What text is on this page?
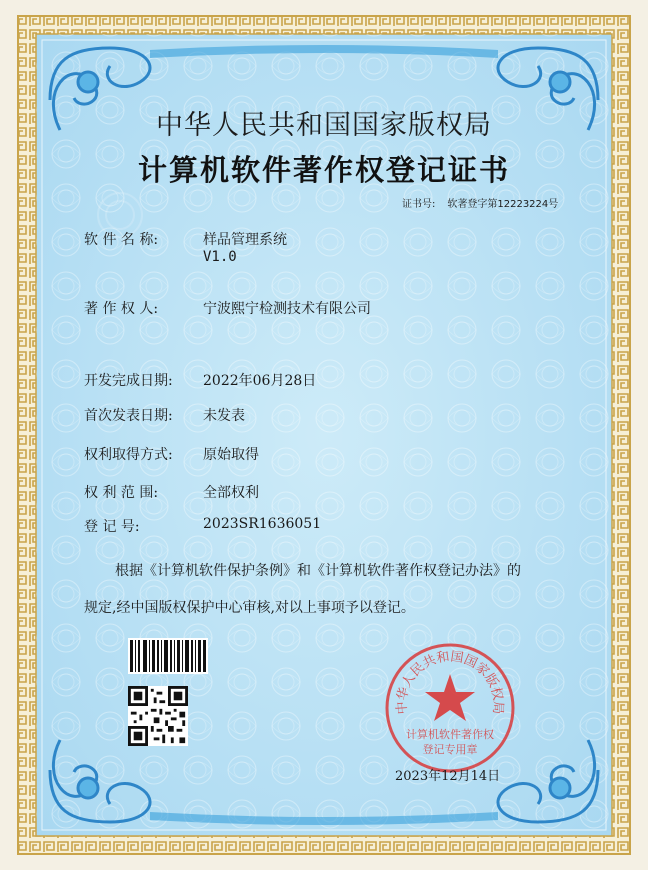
中华人民共和国国家版权局
计算机软件著作权登记证书
证书号: 软著登字第12223224号
软 件 名 称:	样品管理系统
V1.0
著 作 权 人:	宁波熙宁检测技术有限公司
开发完成日期: 2022年06月28日
首次发表日期: 未发表
权利取得方式: 原始取得
权 利 范 围:	全部权利
登 记 号:	2023SR1636051
根据《计算机软件保护条例》和《计算机软件著作权登记办法》的
规定,经中国版权保护中心审核,对以上事项予以登记。
中华人民共和国国家版权局
计算机软件著作权
登记专用章
2023年12月14日
